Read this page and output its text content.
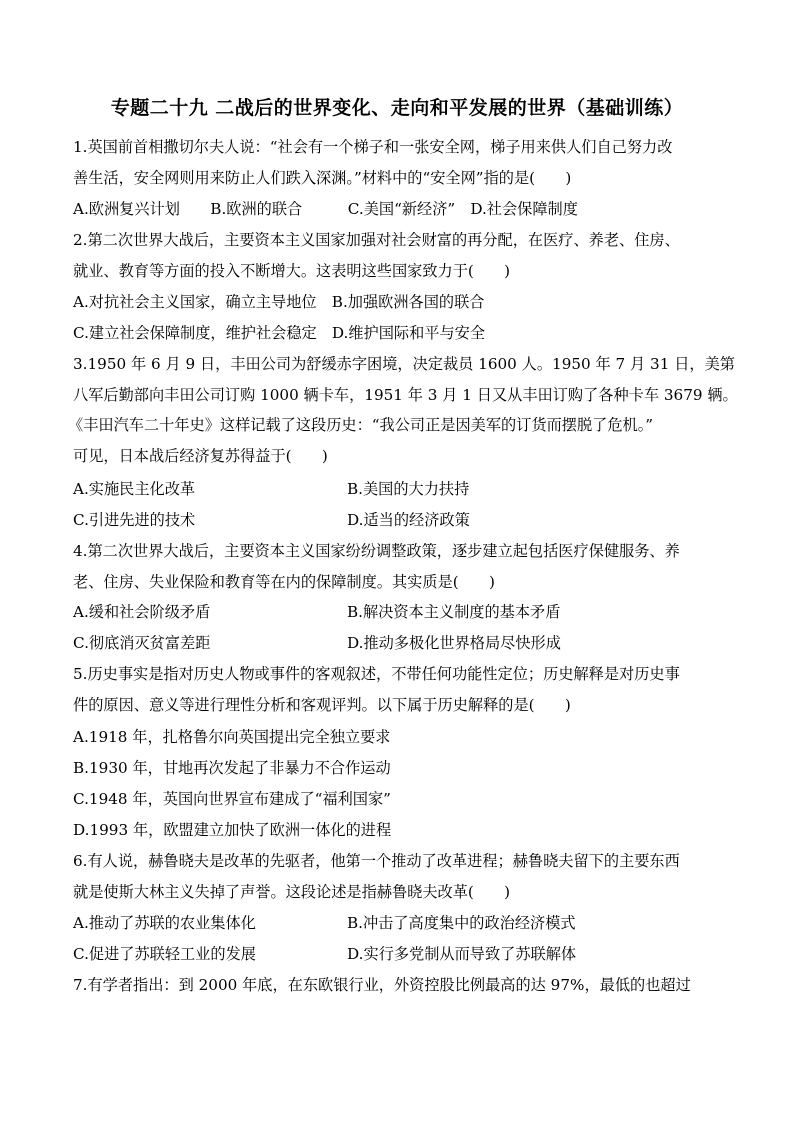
专题二十九 二战后的世界变化、走向和平发展的世界（基础训练）
1.英国前首相撒切尔夫人说：“社会有一个梯子和一张安全网，梯子用来供人们自己努力改
善生活，安全网则用来防止人们跌入深渊。”材料中的“安全网”指的是(　　)
A.欧洲复兴计划　　B.欧洲的联合　　　C.美国“新经济”　D.社会保障制度
2.第二次世界大战后，主要资本主义国家加强对社会财富的再分配，在医疗、养老、住房、
就业、教育等方面的投入不断增大。这表明这些国家致力于(　　)
A.对抗社会主义国家，确立主导地位　B.加强欧洲各国的联合
C.建立社会保障制度，维护社会稳定　D.维护国际和平与安全
3.1950 年 6 月 9 日，丰田公司为舒缓赤字困境，决定裁员 1600 人。1950 年 7 月 31 日，美第
八军后勤部向丰田公司订购 1000 辆卡车，1951 年 3 月 1 日又从丰田订购了各种卡车 3679 辆。
《丰田汽车二十年史》这样记载了这段历史：“我公司正是因美军的订货而摆脱了危机。”
可见，日本战后经济复苏得益于(　　)
A.实施民主化改革	B.美国的大力扶持
C.引进先进的技术	D.适当的经济政策
4.第二次世界大战后，主要资本主义国家纷纷调整政策，逐步建立起包括医疗保健服务、养
老、住房、失业保险和教育等在内的保障制度。其实质是(　　)
A.缓和社会阶级矛盾	B.解决资本主义制度的基本矛盾
C.彻底消灭贫富差距	D.推动多极化世界格局尽快形成
5.历史事实是指对历史人物或事件的客观叙述，不带任何功能性定位；历史解释是对历史事
件的原因、意义等进行理性分析和客观评判。以下属于历史解释的是(　　)
A.1918 年，扎格鲁尔向英国提出完全独立要求
B.1930 年，甘地再次发起了非暴力不合作运动
C.1948 年，英国向世界宣布建成了“福利国家”
D.1993 年，欧盟建立加快了欧洲一体化的进程
6.有人说，赫鲁晓夫是改革的先驱者，他第一个推动了改革进程；赫鲁晓夫留下的主要东西
就是使斯大林主义失掉了声誉。这段论述是指赫鲁晓夫改革(　　)
A.推动了苏联的农业集体化	B.冲击了高度集中的政治经济模式
C.促进了苏联轻工业的发展	D.实行多党制从而导致了苏联解体
7.有学者指出：到 2000 年底，在东欧银行业，外资控股比例最高的达 97%，最低的也超过
